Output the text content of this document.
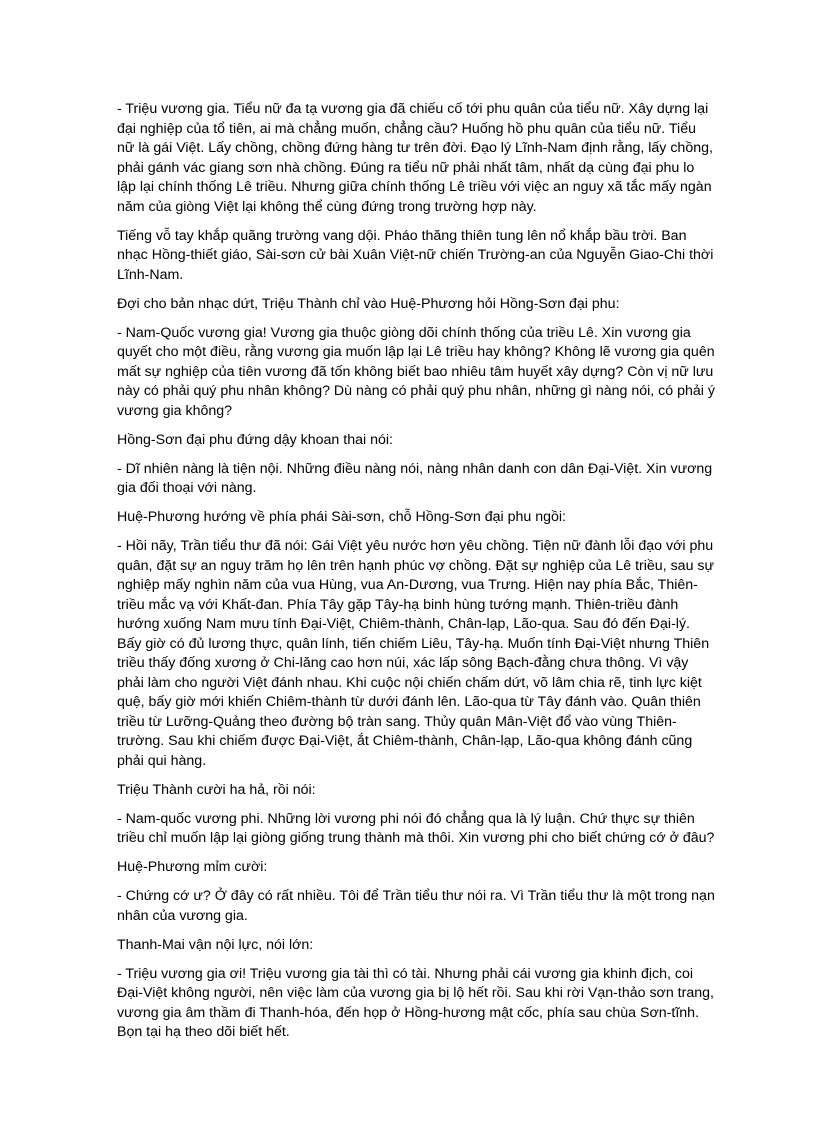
- Triệu vương gia. Tiểu nữ đa tạ vương gia đã chiếu cố tới phu quân của tiểu nữ. Xây dựng lại đại nghiệp của tổ tiên, ai mà chẳng muốn, chẳng cầu? Huống hồ phu quân của tiểu nữ. Tiểu nữ là gái Việt. Lấy chồng, chồng đứng hàng tư trên đời. Đạo lý Lĩnh-Nam định rằng, lấy chồng, phải gánh vác giang sơn nhà chồng. Đúng ra tiểu nữ phải nhất tâm, nhất dạ cùng đại phu lo lập lại chính thống Lê triều. Nhưng giữa chính thống Lê triều với việc an nguy xã tắc mấy ngàn năm của giòng Việt lại không thể cùng đứng trong trường hợp này.

Tiếng vỗ tay khắp quãng trường vang dội. Pháo thăng thiên tung lên nổ khắp bầu trời. Ban nhạc Hồng-thiết giáo, Sài-sơn cử bài Xuân Việt-nữ chiến Trường-an của Nguyễn Giao-Chi thời Lĩnh-Nam.

Đợi cho bản nhạc dứt, Triệu Thành chỉ vào Huệ-Phương hỏi Hồng-Sơn đại phu:

- Nam-Quốc vương gia! Vương gia thuộc giòng dõi chính thống của triều Lê. Xin vương gia quyết cho một điều, rằng vương gia muốn lập lại Lê triều hay không? Không lẽ vương gia quên mất sự nghiệp của tiên vương đã tốn không biết bao nhiêu tâm huyết xây dựng? Còn vị nữ lưu này có phải quý phu nhân không? Dù nàng có phải quý phu nhân, những gì nàng nói, có phải ý vương gia không?

Hồng-Sơn đại phu đứng dậy khoan thai nói:

- Dĩ nhiên nàng là tiện nội. Những điều nàng nói, nàng nhân danh con dân Đại-Việt. Xin vương gia đối thoại với nàng.

Huệ-Phương hướng về phía phái Sài-sơn, chỗ Hồng-Sơn đại phu ngồi:

- Hồi nãy, Trần tiểu thư đã nói: Gái Việt yêu nước hơn yêu chồng. Tiện nữ đành lỗi đạo với phu quân, đặt sự an nguy trăm họ lên trên hạnh phúc vợ chồng. Đặt sự nghiệp của Lê triều, sau sự nghiệp mấy nghìn năm của vua Hùng, vua An-Dương, vua Trưng. Hiện nay phía Bắc, Thiên-triều mắc vạ với Khất-đan. Phía Tây gặp Tây-hạ binh hùng tướng mạnh. Thiên-triều đành hướng xuống Nam mưu tính Đại-Việt, Chiêm-thành, Chân-lạp, Lão-qua. Sau đó đến Đại-lý. Bấy giờ có đủ lương thực, quân lính, tiến chiếm Liêu, Tây-hạ. Muốn tính Đại-Việt nhưng Thiên triều thấy đống xương ở Chi-lăng cao hơn núi, xác lấp sông Bạch-đằng chưa thông. Vì vậy phải làm cho người Việt đánh nhau. Khi cuộc nội chiến chấm dứt, võ lâm chia rẽ, tinh lực kiệt quệ, bấy giờ mới khiến Chiêm-thành từ dưới đánh lên. Lão-qua từ Tây đánh vào. Quân thiên triều từ Lưỡng-Quảng theo đường bộ tràn sang. Thủy quân Mân-Việt đổ vào vùng Thiên-trường. Sau khi chiếm được Đại-Việt, ắt Chiêm-thành, Chân-lạp, Lão-qua không đánh cũng phải qui hàng.

Triệu Thành cười ha hả, rồi nói:

- Nam-quốc vương phi. Những lời vương phi nói đó chẳng qua là lý luận. Chứ thực sự thiên triều chỉ muốn lập lại giòng giống trung thành mà thôi. Xin vương phi cho biết chứng cớ ở đâu?

Huệ-Phương mỉm cười:

- Chứng cớ ư? Ở đây có rất nhiều. Tôi để Trần tiểu thư nói ra. Vì Trần tiểu thư là một trong nạn nhân của vương gia.

Thanh-Mai vận nội lực, nói lớn:

- Triệu vương gia ơi! Triệu vương gia tài thì có tài. Nhưng phải cái vương gia khinh địch, coi Đại-Việt không người, nên việc làm của vương gia bị lộ hết rồi. Sau khi rời Vạn-thảo sơn trang, vương gia âm thầm đi Thanh-hóa, đến họp ở Hồng-hương mật cốc, phía sau chùa Sơn-tĩnh. Bọn tại hạ theo dõi biết hết.
